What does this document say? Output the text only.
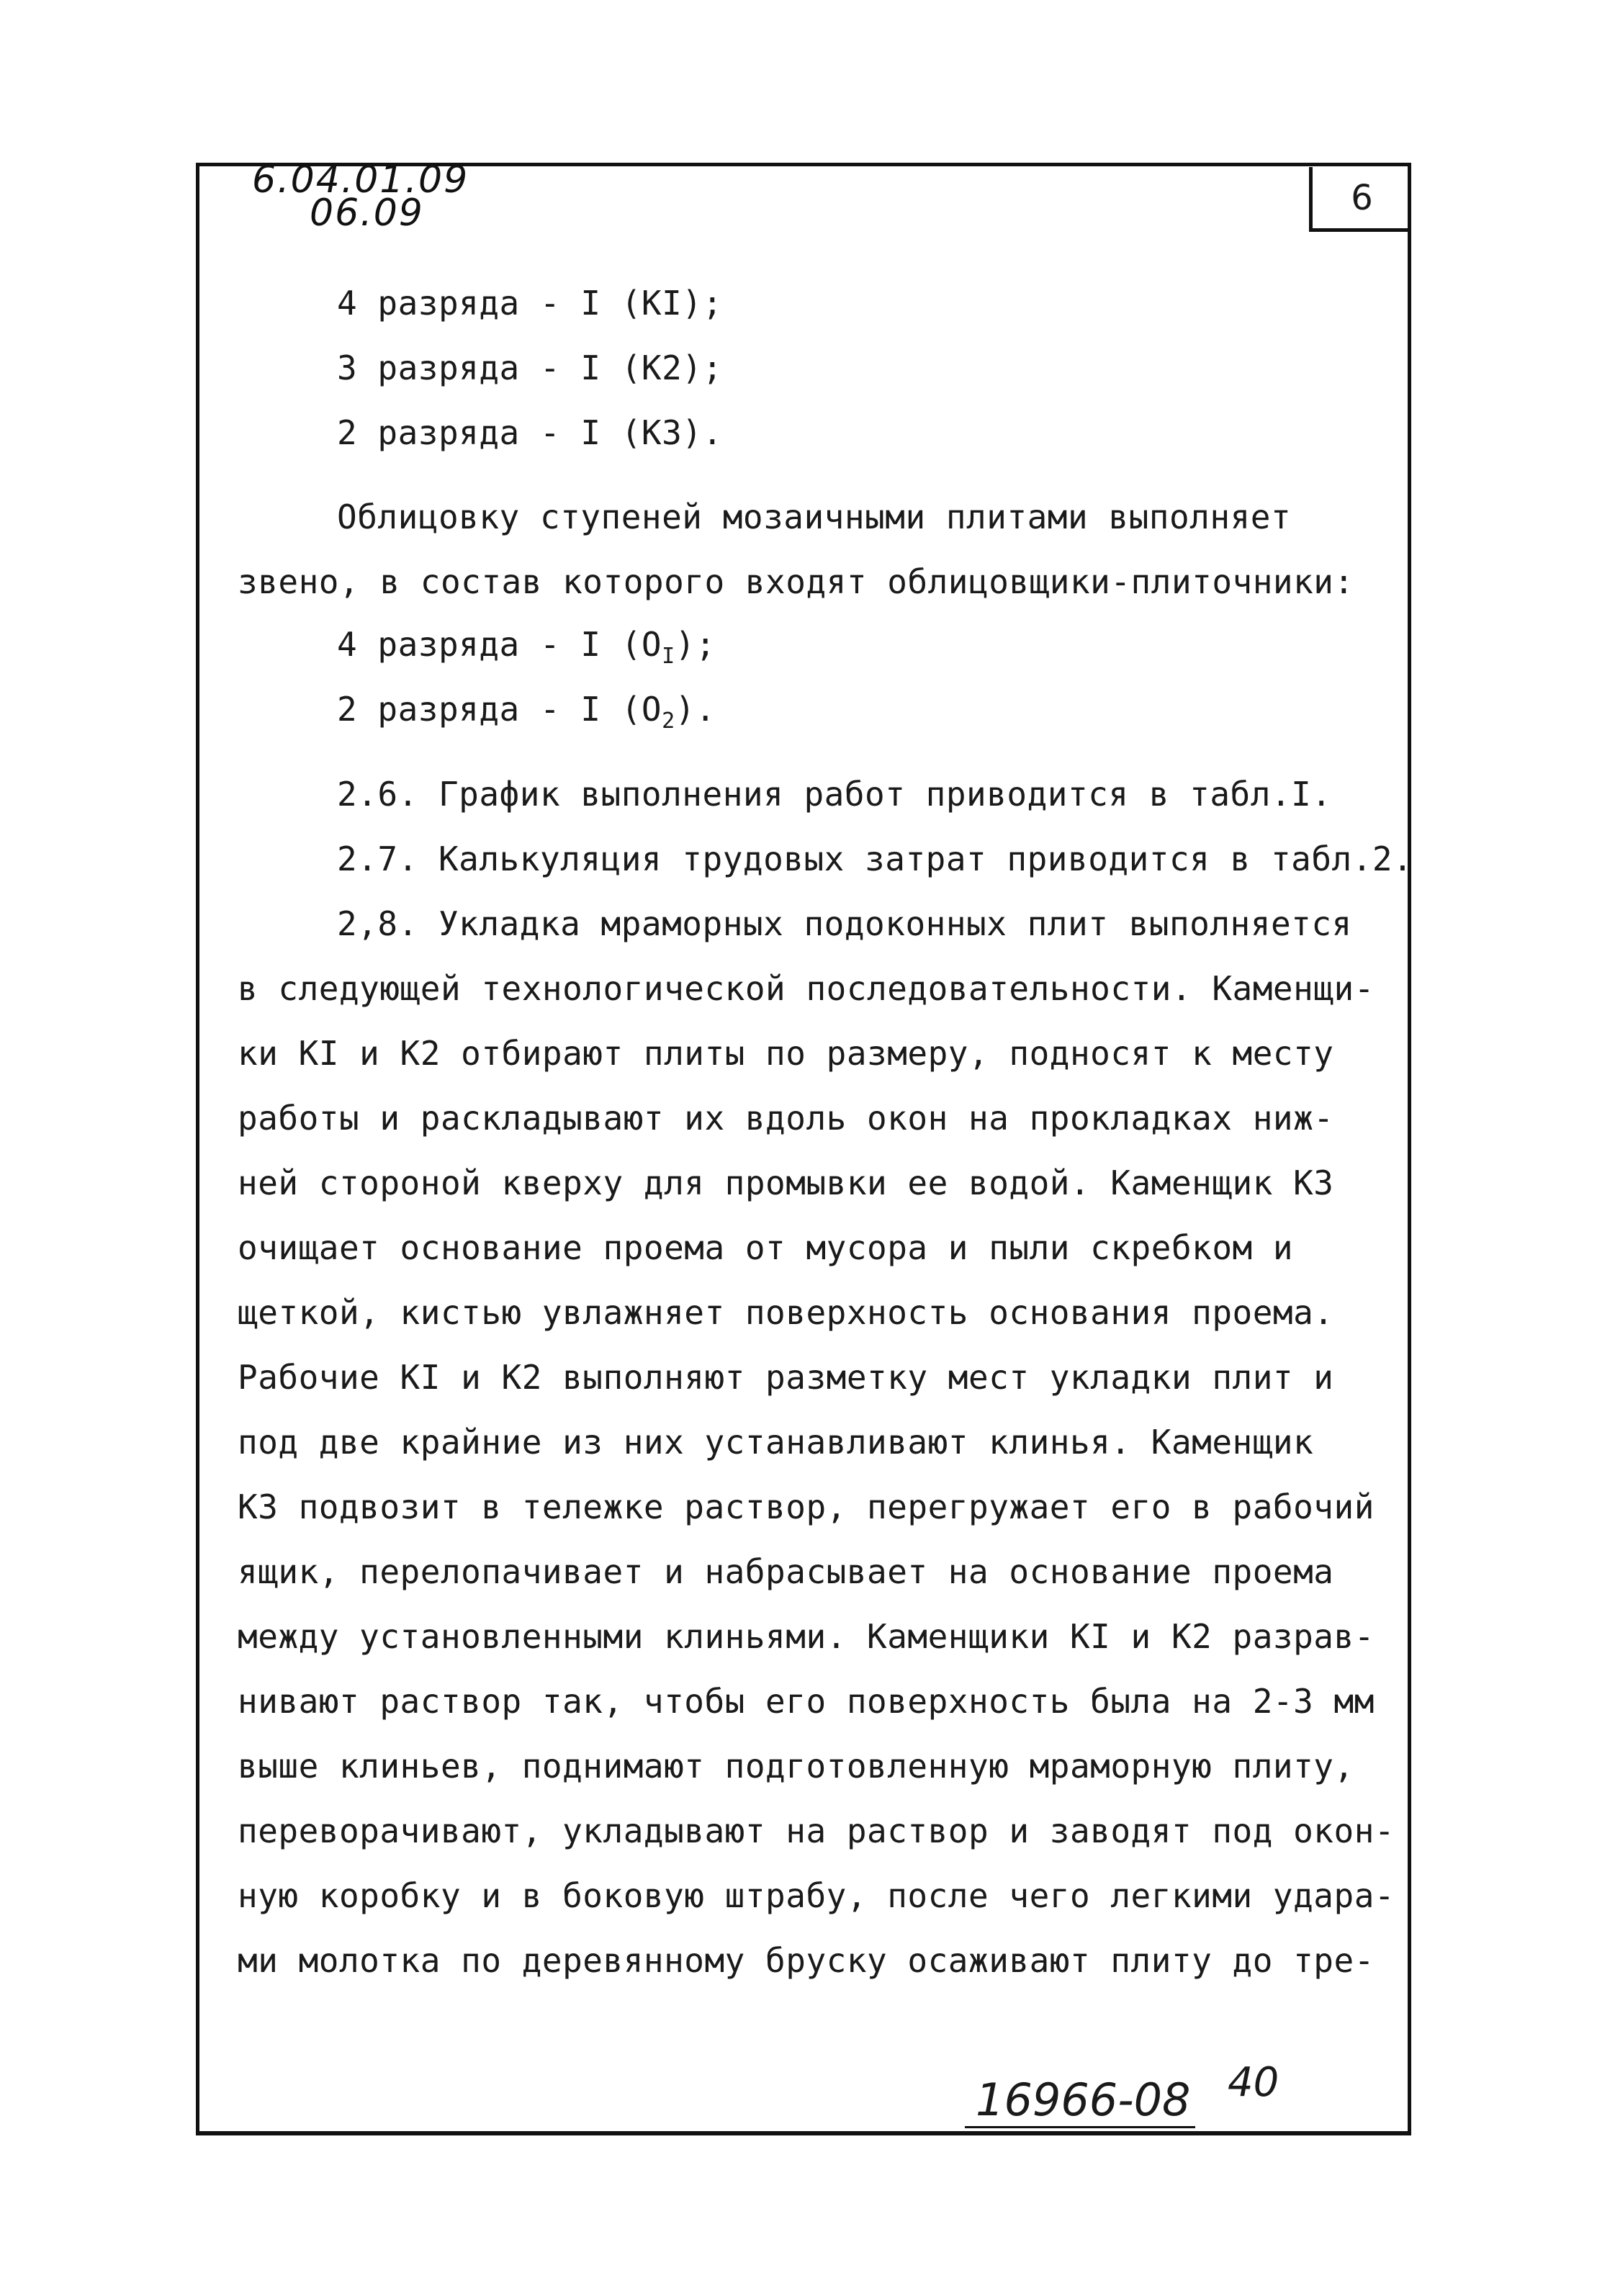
6.04.01.09
06.09	6
4 разряда - I (КI);
3 разряда - I (К2);
2 разряда - I (К3).
Облицовку ступеней мозаичными плитами выполняет
звено, в состав которого входят облицовщики-плиточники:
4 разряда - I $(О_I)$;
2 разряда - I $(О_2)$.
2.6. График выполнения работ приводится в табл.I.
2.7. Калькуляция трудовых затрат приводится в табл.2.
2,8. Укладка мраморных подоконных плит выполняется
в следующей технологической последовательности. Каменщи-
ки КI и К2 отбирают плиты по размеру, подносят к месту
работы и раскладывают их вдоль окон на прокладках ниж-
ней стороной кверху для промывки ее водой. Каменщик К3
очищает основание проема от мусора и пыли скребком и
щеткой, кистью увлажняет поверхность основания проема.
Рабочие КI и К2 выполняют разметку мест укладки плит и
под две крайние из них устанавливают клинья. Каменщик
К3 подвозит в тележке раствор, перегружает его в рабочий
ящик, перелопачивает и набрасывает на основание проема
между установленными клиньями. Каменщики КI и К2 разрав-
нивают раствор так, чтобы его поверхность была на 2-3 мм
выше клиньев, поднимают подготовленную мраморную плиту,
переворачивают, укладывают на раствор и заводят под окон-
ную коробку и в боковую штрабу, после чего легкими удара-
ми молотка по деревянному бруску осаживают плиту до тре-
16966-08 40
